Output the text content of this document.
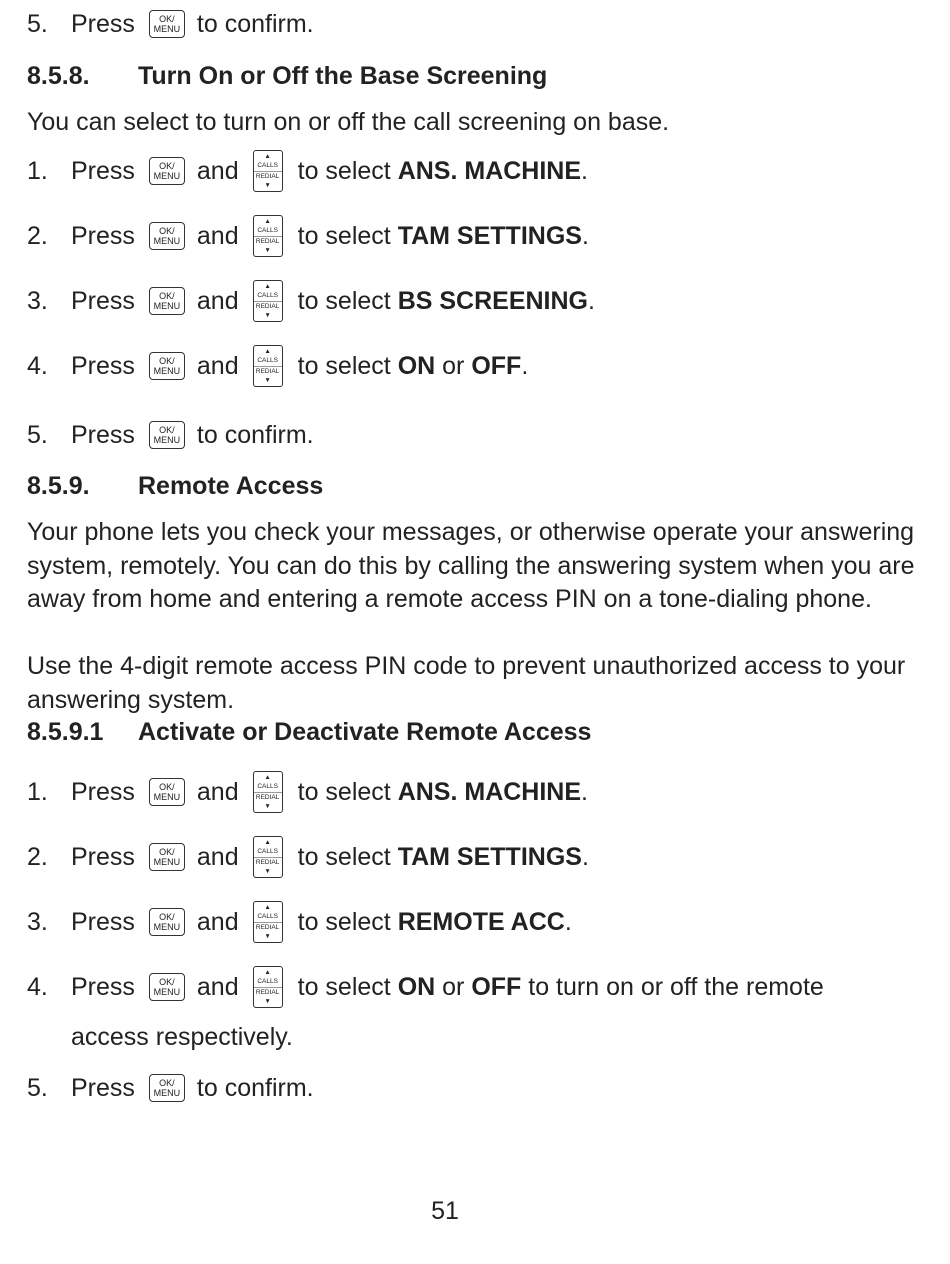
5. Press	OK/
MENU to confirm.
8.5.8. Turn On or Off the Base Screening
You can select to turn on or off the call screening on base.
1. Press	OK/
MENU and
▲
CALLS
REDIAL
▼
to select ANS. MACHINE.
2. Press	OK/
MENU and
▲
CALLS
REDIAL
▼
to select TAM SETTINGS.
3. Press	OK/
MENU and
▲
CALLS
REDIAL
▼
to select BS SCREENING.
4. Press	OK/
MENU and
▲
CALLS
REDIAL
▼
to select ON or OFF.
5. Press	OK/
MENU to confirm.
8.5.9. Remote Access
Your phone lets you check your messages, or otherwise operate your answering system, remotely. You can do this by calling the answering system when you are away from home and entering a remote access PIN on a tone-dialing phone.
Use the 4-digit remote access PIN code to prevent unauthorized access to your answering system.
8.5.9.1 Activate or Deactivate Remote Access
1. Press	OK/
MENU and
▲
CALLS
REDIAL
▼
to select ANS. MACHINE.
2. Press	OK/
MENU and
▲
CALLS
REDIAL
▼
to select TAM SETTINGS.
3. Press	OK/
MENU and
▲
CALLS
REDIAL
▼
to select REMOTE ACC.
4. Press	OK/
MENU and
▲
CALLS
REDIAL
▼
to select ON or OFF to turn on or off the remote
access respectively.
5. Press	OK/
MENU to confirm.
51
